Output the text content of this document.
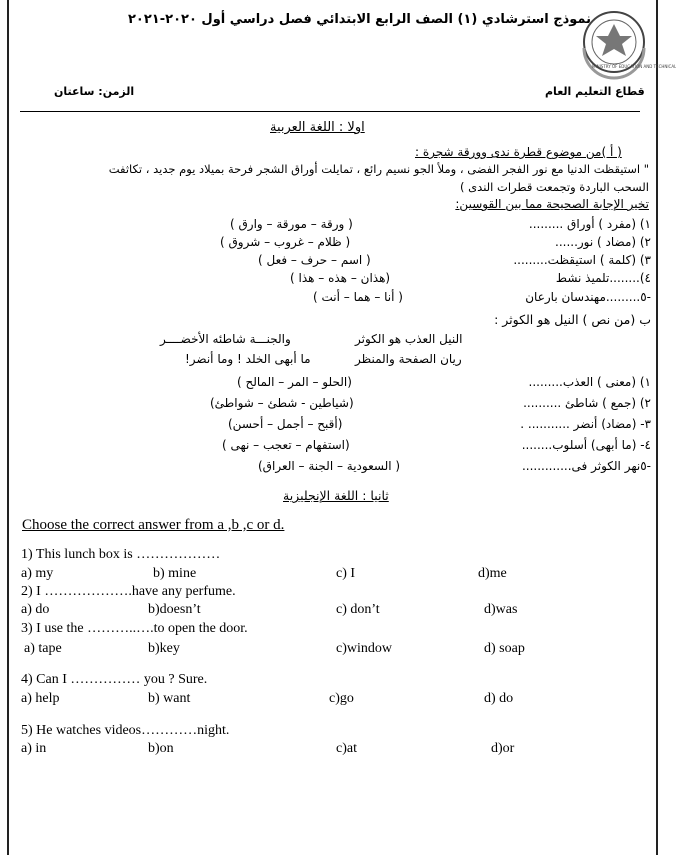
نموذج استرشادي (١) الصف الرابع الابتدائي فصل دراسي أول ٢٠٢٠-٢٠٢١
MINISTRY OF EDUCATION AND TECHNICAL
قطاع التعليم العام
الزمن: ساعتان
اولا : اللغة العربية
( أ )من موضوع قطرة ندى وورقة شجرة :
" استيقظت الدنيا مع نور الفجر الفضى ، وملأ الجو نسيم رائع ، تمايلت أوراق الشجر فرحة بميلاد يوم جديد ، تكاثفت
السحب الباردة وتجمعت قطرات الندى )
تخير الإجابة الصحيحة مما بين القوسين:
١) (مفرد ) أوراق .........
( ورقة – مورقة – وارق )
٢) (مضاد ) نور......
( ظلام – غروب – شروق )
٣) (كلمة ) استيقظت.........
( اسم – حرف – فعل )
٤)........تلميذ نشط
(هذان – هذه – هذا )
-٥.........مهندسان بارعان
( أنا – هما – أنت )
ب (من نص ) النيل هو الكوثر :
النيل العذب هو الكوثر
والجنـــة شاطئه الأخضــــر
ريان الصفحة والمنظر
ما أبهى الخلد ! وما أنضر!
١) (معنى ) العذب.........
(الحلو – المر – المالح )
٢) (جمع ) شاطئ ..........
(شياطين - شطئ – شواطئ)
٣- (مضاد) أنضر ........... .
(أقبح – أجمل – أحسن)
٤- (ما أبهى) أسلوب........
(استفهام – تعجب – نهى )
-٥نهر الكوثر فى.............
( السعودية – الجنة – العراق)
ثانيا : اللغة الإنجليزية
Choose the correct answer from a ,b ,c or d.
1) This lunch box is ………………
a) my	b) mine	c) I	d)me
2) I ……………….have any perfume.
a) do	b)doesn’t	c) don’t	d)was
3) I use the ………..….to open the door.
a) tape	b)key	c)window	d) soap
4) Can I …………… you ? Sure.
a) help	b) want	c)go	d) do
5) He watches videos…………night.
a) in	b)on	c)at	d)or
